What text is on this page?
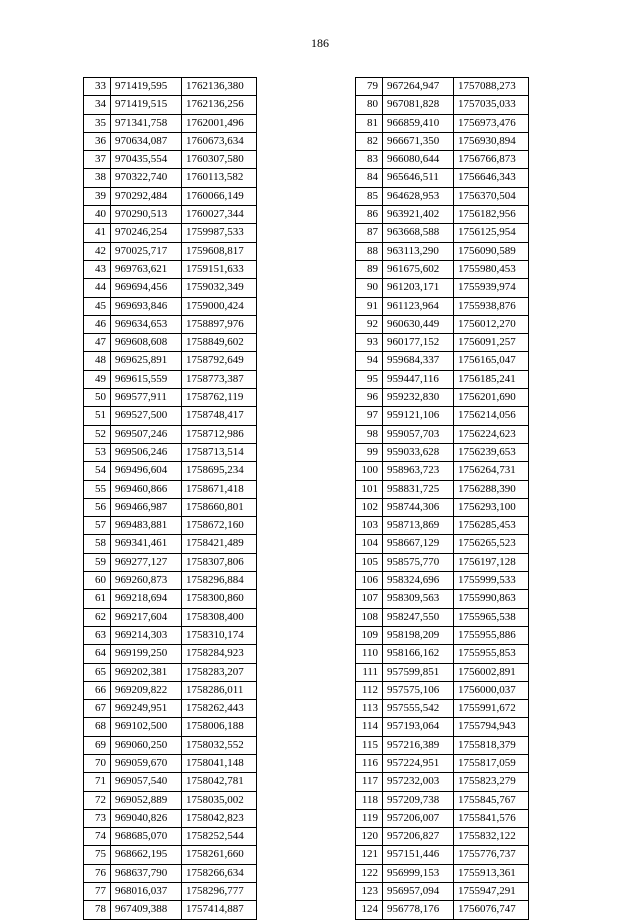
186
33	971419,595	1762136,380
34	971419,515	1762136,256
35	971341,758	1762001,496
36	970634,087	1760673,634
37	970435,554	1760307,580
38	970322,740	1760113,582
39	970292,484	1760066,149
40	970290,513	1760027,344
41	970246,254	1759987,533
42	970025,717	1759608,817
43	969763,621	1759151,633
44	969694,456	1759032,349
45	969693,846	1759000,424
46	969634,653	1758897,976
47	969608,608	1758849,602
48	969625,891	1758792,649
49	969615,559	1758773,387
50	969577,911	1758762,119
51	969527,500	1758748,417
52	969507,246	1758712,986
53	969506,246	1758713,514
54	969496,604	1758695,234
55	969460,866	1758671,418
56	969466,987	1758660,801
57	969483,881	1758672,160
58	969341,461	1758421,489
59	969277,127	1758307,806
60	969260,873	1758296,884
61	969218,694	1758300,860
62	969217,604	1758308,400
63	969214,303	1758310,174
64	969199,250	1758284,923
65	969202,381	1758283,207
66	969209,822	1758286,011
67	969249,951	1758262,443
68	969102,500	1758006,188
69	969060,250	1758032,552
70	969059,670	1758041,148
71	969057,540	1758042,781
72	969052,889	1758035,002
73	969040,826	1758042,823
74	968685,070	1758252,544
75	968662,195	1758261,660
76	968637,790	1758266,634
77	968016,037	1758296,777
78	967409,388	1757414,887
79	967264,947	1757088,273
80	967081,828	1757035,033
81	966859,410	1756973,476
82	966671,350	1756930,894
83	966080,644	1756766,873
84	965646,511	1756646,343
85	964628,953	1756370,504
86	963921,402	1756182,956
87	963668,588	1756125,954
88	963113,290	1756090,589
89	961675,602	1755980,453
90	961203,171	1755939,974
91	961123,964	1755938,876
92	960630,449	1756012,270
93	960177,152	1756091,257
94	959684,337	1756165,047
95	959447,116	1756185,241
96	959232,830	1756201,690
97	959121,106	1756214,056
98	959057,703	1756224,623
99	959033,628	1756239,653
100	958963,723	1756264,731
101	958831,725	1756288,390
102	958744,306	1756293,100
103	958713,869	1756285,453
104	958667,129	1756265,523
105	958575,770	1756197,128
106	958324,696	1755999,533
107	958309,563	1755990,863
108	958247,550	1755965,538
109	958198,209	1755955,886
110	958166,162	1755955,853
111	957599,851	1756002,891
112	957575,106	1756000,037
113	957555,542	1755991,672
114	957193,064	1755794,943
115	957216,389	1755818,379
116	957224,951	1755817,059
117	957232,003	1755823,279
118	957209,738	1755845,767
119	957206,007	1755841,576
120	957206,827	1755832,122
121	957151,446	1755776,737
122	956999,153	1755913,361
123	956957,094	1755947,291
124	956778,176	1756076,747
